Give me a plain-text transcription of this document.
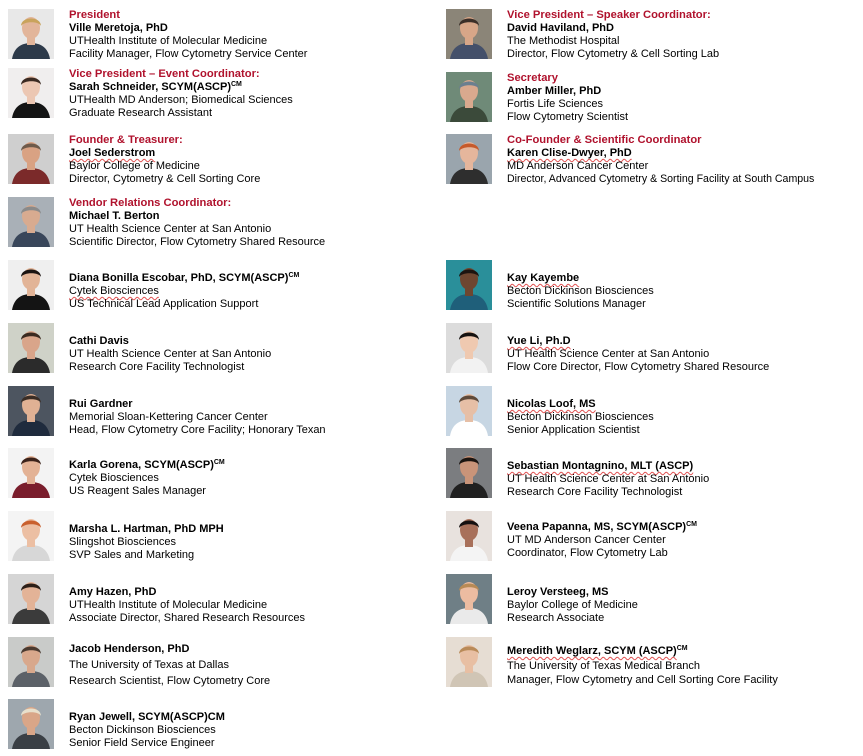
President
Ville Meretoja, PhD
UTHealth Institute of Molecular Medicine
Facility Manager, Flow Cytometry Service Center
Vice President – Event Coordinator:
Sarah Schneider, SCYM(ASCP)$^{CM}$
UTHealth MD Anderson; Biomedical Sciences
Graduate Research Assistant
Founder & Treasurer:
Joel Sederstrom
Baylor College of Medicine
Director, Cytometry & Cell Sorting Core
Vendor Relations Coordinator:
Michael T. Berton
UT Health Science Center at San Antonio
Scientific Director, Flow Cytometry Shared Resource
Diana Bonilla Escobar, PhD, SCYM(ASCP)$^{CM}$
Cytek Biosciences
US Technical Lead Application Support
Cathi Davis
UT Health Science Center at San Antonio
Research Core Facility Technologist
Rui Gardner
Memorial Sloan-Kettering Cancer Center
Head, Flow Cytometry Core Facility; Honorary Texan
Karla Gorena, SCYM(ASCP)$^{CM}$
Cytek Biosciences
US Reagent Sales Manager
Marsha L. Hartman, PhD MPH
Slingshot Biosciences
SVP Sales and Marketing
Amy Hazen, PhD
UTHealth Institute of Molecular Medicine
Associate Director, Shared Research Resources
Jacob Henderson, PhD
The University of Texas at Dallas
Research Scientist, Flow Cytometry Core
Ryan Jewell, SCYM(ASCP)CM
Becton Dickinson Biosciences
Senior Field Service Engineer
Vice President – Speaker Coordinator:
David Haviland, PhD
The Methodist Hospital
Director, Flow Cytometry & Cell Sorting Lab
Secretary
Amber Miller, PhD
Fortis Life Sciences
Flow Cytometry Scientist
Co-Founder & Scientific Coordinator
Karen Clise-Dwyer, PhD
MD Anderson Cancer Center
Director, Advanced Cytometry & Sorting Facility at South Campus
Kay Kayembe
Becton Dickinson Biosciences
Scientific Solutions Manager
Yue Li, Ph.D
UT Health Science Center at San Antonio
Flow Core Director, Flow Cytometry Shared Resource
Nicolas Loof, MS
Becton Dickinson Biosciences
Senior Application Scientist
Sebastian Montagnino, MLT (ASCP)
UT Health Science Center at San Antonio
Research Core Facility Technologist
Veena Papanna, MS, SCYM(ASCP)$^{CM}$
UT MD Anderson Cancer Center
Coordinator, Flow Cytometry Lab
Leroy Versteeg, MS
Baylor College of Medicine
Research Associate
Meredith Weglarz, SCYM (ASCP)$^{CM}$
The University of Texas Medical Branch
Manager, Flow Cytometry and Cell Sorting Core Facility
